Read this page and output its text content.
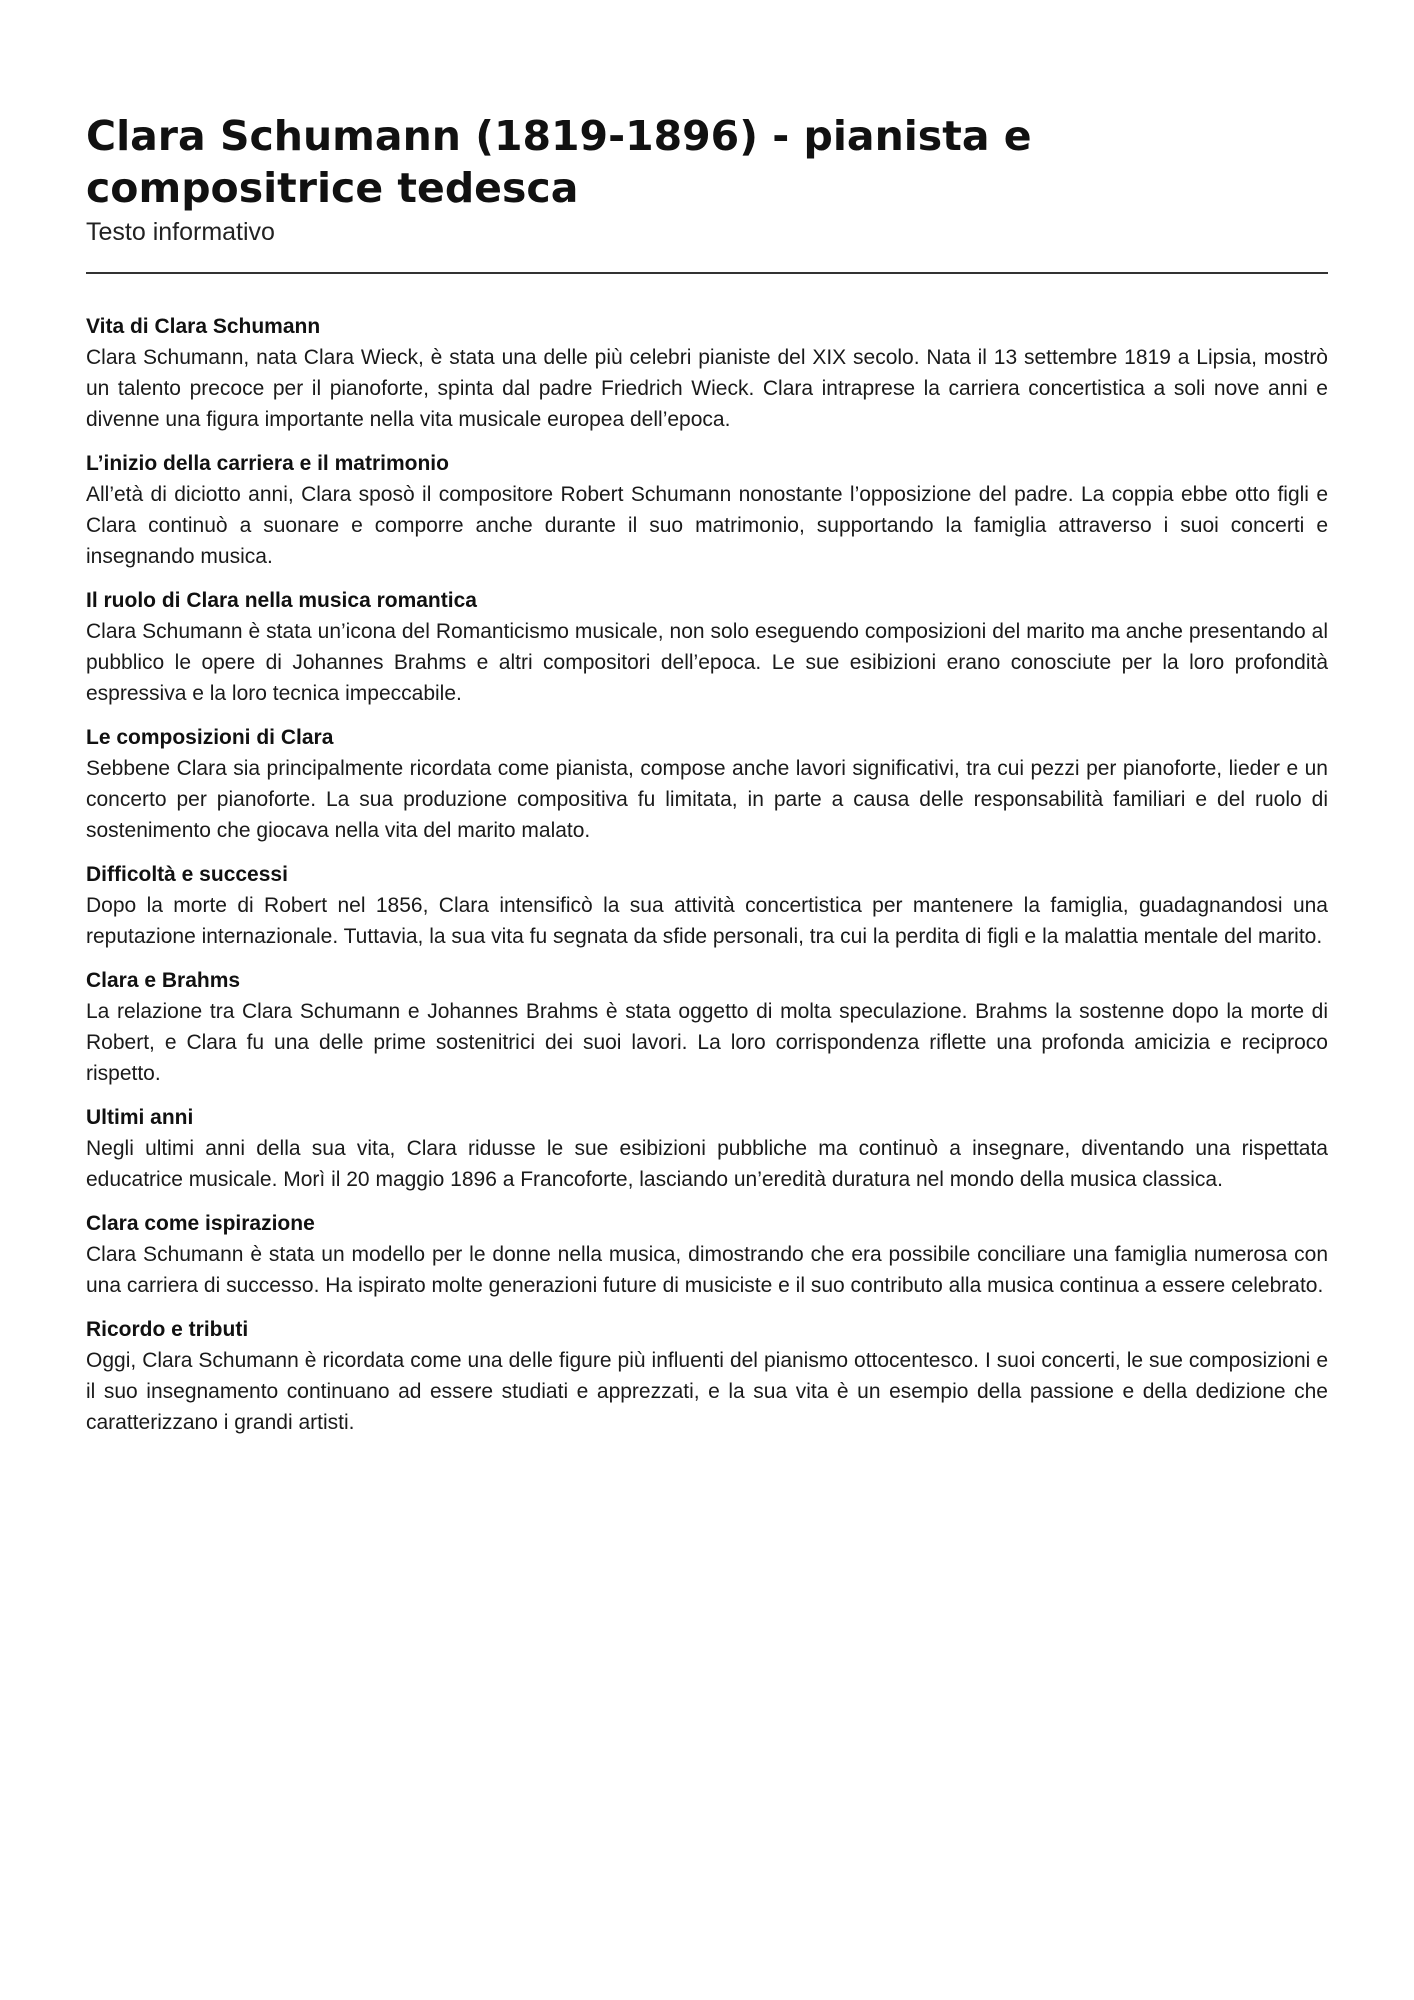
Clara Schumann (1819-1896) - pianista e compositrice tedesca
Testo informativo
Vita di Clara Schumann

Clara Schumann, nata Clara Wieck, è stata una delle più celebri pianiste del XIX secolo. Nata il 13 settembre 1819 a Lipsia, mostrò un talento precoce per il pianoforte, spinta dal padre Friedrich Wieck. Clara intraprese la carriera concertistica a soli nove anni e divenne una figura importante nella vita musicale europea dell’epoca.

L’inizio della carriera e il matrimonio

All’età di diciotto anni, Clara sposò il compositore Robert Schumann nonostante l’opposizione del padre. La coppia ebbe otto figli e Clara continuò a suonare e comporre anche durante il suo matrimonio, supportando la famiglia attraverso i suoi concerti e insegnando musica.

Il ruolo di Clara nella musica romantica

Clara Schumann è stata un’icona del Romanticismo musicale, non solo eseguendo composizioni del marito ma anche presentando al pubblico le opere di Johannes Brahms e altri compositori dell’epoca. Le sue esibizioni erano conosciute per la loro profondità espressiva e la loro tecnica impeccabile.

Le composizioni di Clara

Sebbene Clara sia principalmente ricordata come pianista, compose anche lavori significativi, tra cui pezzi per pianoforte, lieder e un concerto per pianoforte. La sua produzione compositiva fu limitata, in parte a causa delle responsabilità familiari e del ruolo di sostenimento che giocava nella vita del marito malato.

Difficoltà e successi

Dopo la morte di Robert nel 1856, Clara intensificò la sua attività concertistica per mantenere la famiglia, guadagnandosi una reputazione internazionale. Tuttavia, la sua vita fu segnata da sfide personali, tra cui la perdita di figli e la malattia mentale del marito.

Clara e Brahms

La relazione tra Clara Schumann e Johannes Brahms è stata oggetto di molta speculazione. Brahms la sostenne dopo la morte di Robert, e Clara fu una delle prime sostenitrici dei suoi lavori. La loro corrispondenza riflette una profonda amicizia e reciproco rispetto.

Ultimi anni

Negli ultimi anni della sua vita, Clara ridusse le sue esibizioni pubbliche ma continuò a insegnare, diventando una rispettata educatrice musicale. Morì il 20 maggio 1896 a Francoforte, lasciando un’eredità duratura nel mondo della musica classica.

Clara come ispirazione

Clara Schumann è stata un modello per le donne nella musica, dimostrando che era possibile conciliare una famiglia numerosa con una carriera di successo. Ha ispirato molte generazioni future di musiciste e il suo contributo alla musica continua a essere celebrato.

Ricordo e tributi

Oggi, Clara Schumann è ricordata come una delle figure più influenti del pianismo ottocentesco. I suoi concerti, le sue composizioni e il suo insegnamento continuano ad essere studiati e apprezzati, e la sua vita è un esempio della passione e della dedizione che caratterizzano i grandi artisti.
